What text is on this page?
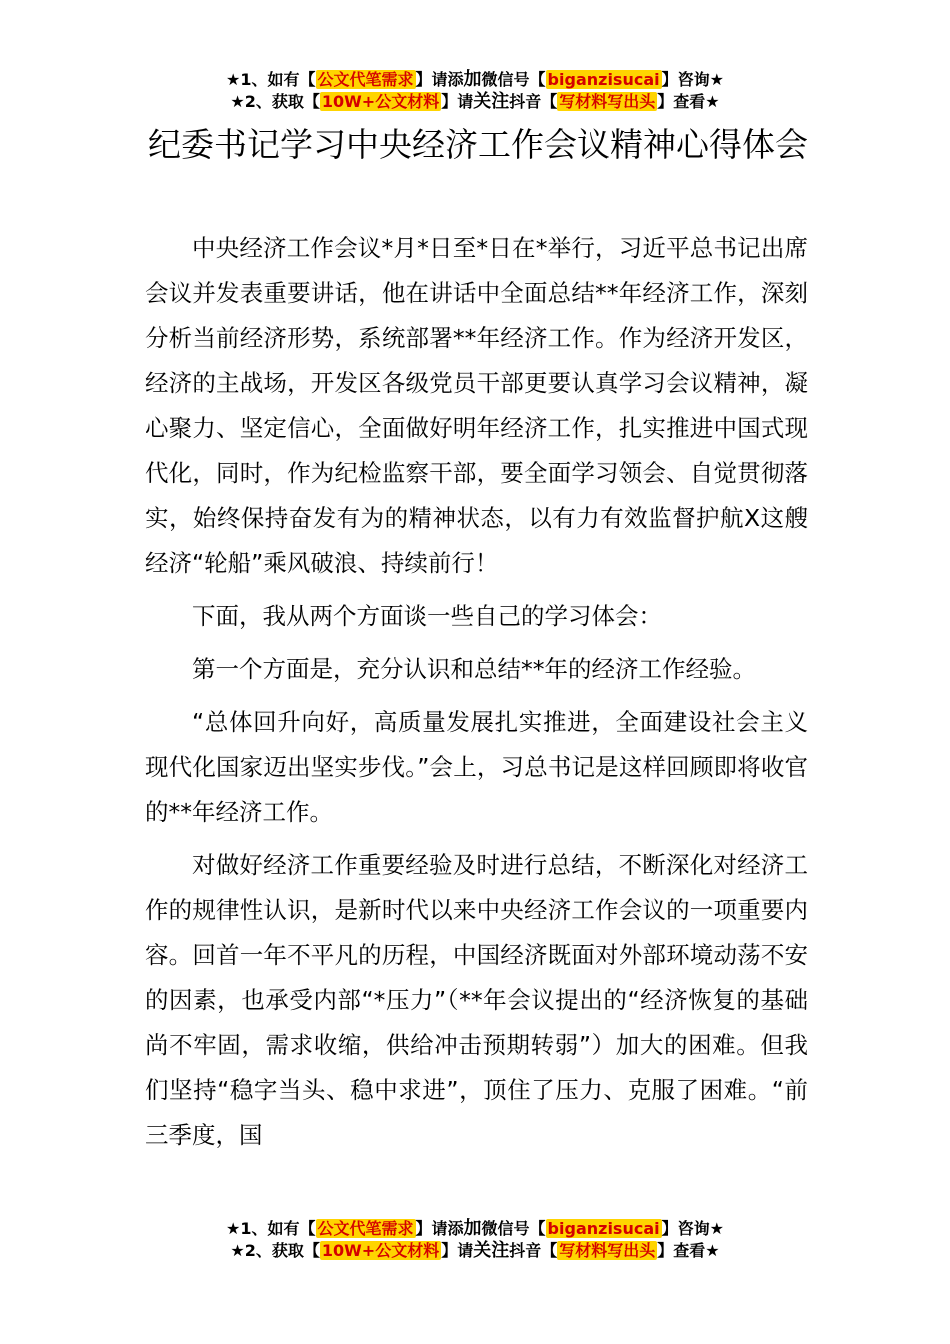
★1、如有【 公文代笔需求 】请添加微信号【 biganzisucai 】咨询★
★2、获取【 10W+公文材料 】请关注抖音【 写材料写出头 】查看★
纪委书记学习中央经济工作会议精神心得体会

中央经济工作会议*月*日至*日在*举行，习近平总书记出席会议并发表重要讲话，他在讲话中全面总结**年经济工作，深刻分析当前经济形势，系统部署**年经济工作。作为经济开发区，经济的主战场，开发区各级党员干部更要认真学习会议精神，凝心聚力、坚定信心，全面做好明年经济工作，扎实推进中国式现代化，同时，作为纪检监察干部，要全面学习领会、自觉贯彻落实，始终保持奋发有为的精神状态，以有力有效监督护航X这艘经济“轮船”乘风破浪、持续前行！

下面，我从两个方面谈一些自己的学习体会：

第一个方面是，充分认识和总结**年的经济工作经验。

“总体回升向好，高质量发展扎实推进，全面建设社会主义现代化国家迈出坚实步伐。”会上，习总书记是这样回顾即将收官的**年经济工作。

对做好经济工作重要经验及时进行总结，不断深化对经济工作的规律性认识，是新时代以来中央经济工作会议的一项重要内容。回首一年不平凡的历程，中国经济既面对外部环境动荡不安的因素，也承受内部“*压力”（**年会议提出的“经济恢复的基础尚不牢固，需求收缩，供给冲击预期转弱”）加大的困难。但我们坚持“稳字当头、稳中求进”，顶住了压力、克服了困难。“前三季度，国

★1、如有【 公文代笔需求 】请添加微信号【 biganzisucai 】咨询★
★2、获取【 10W+公文材料 】请关注抖音【 写材料写出头 】查看★
